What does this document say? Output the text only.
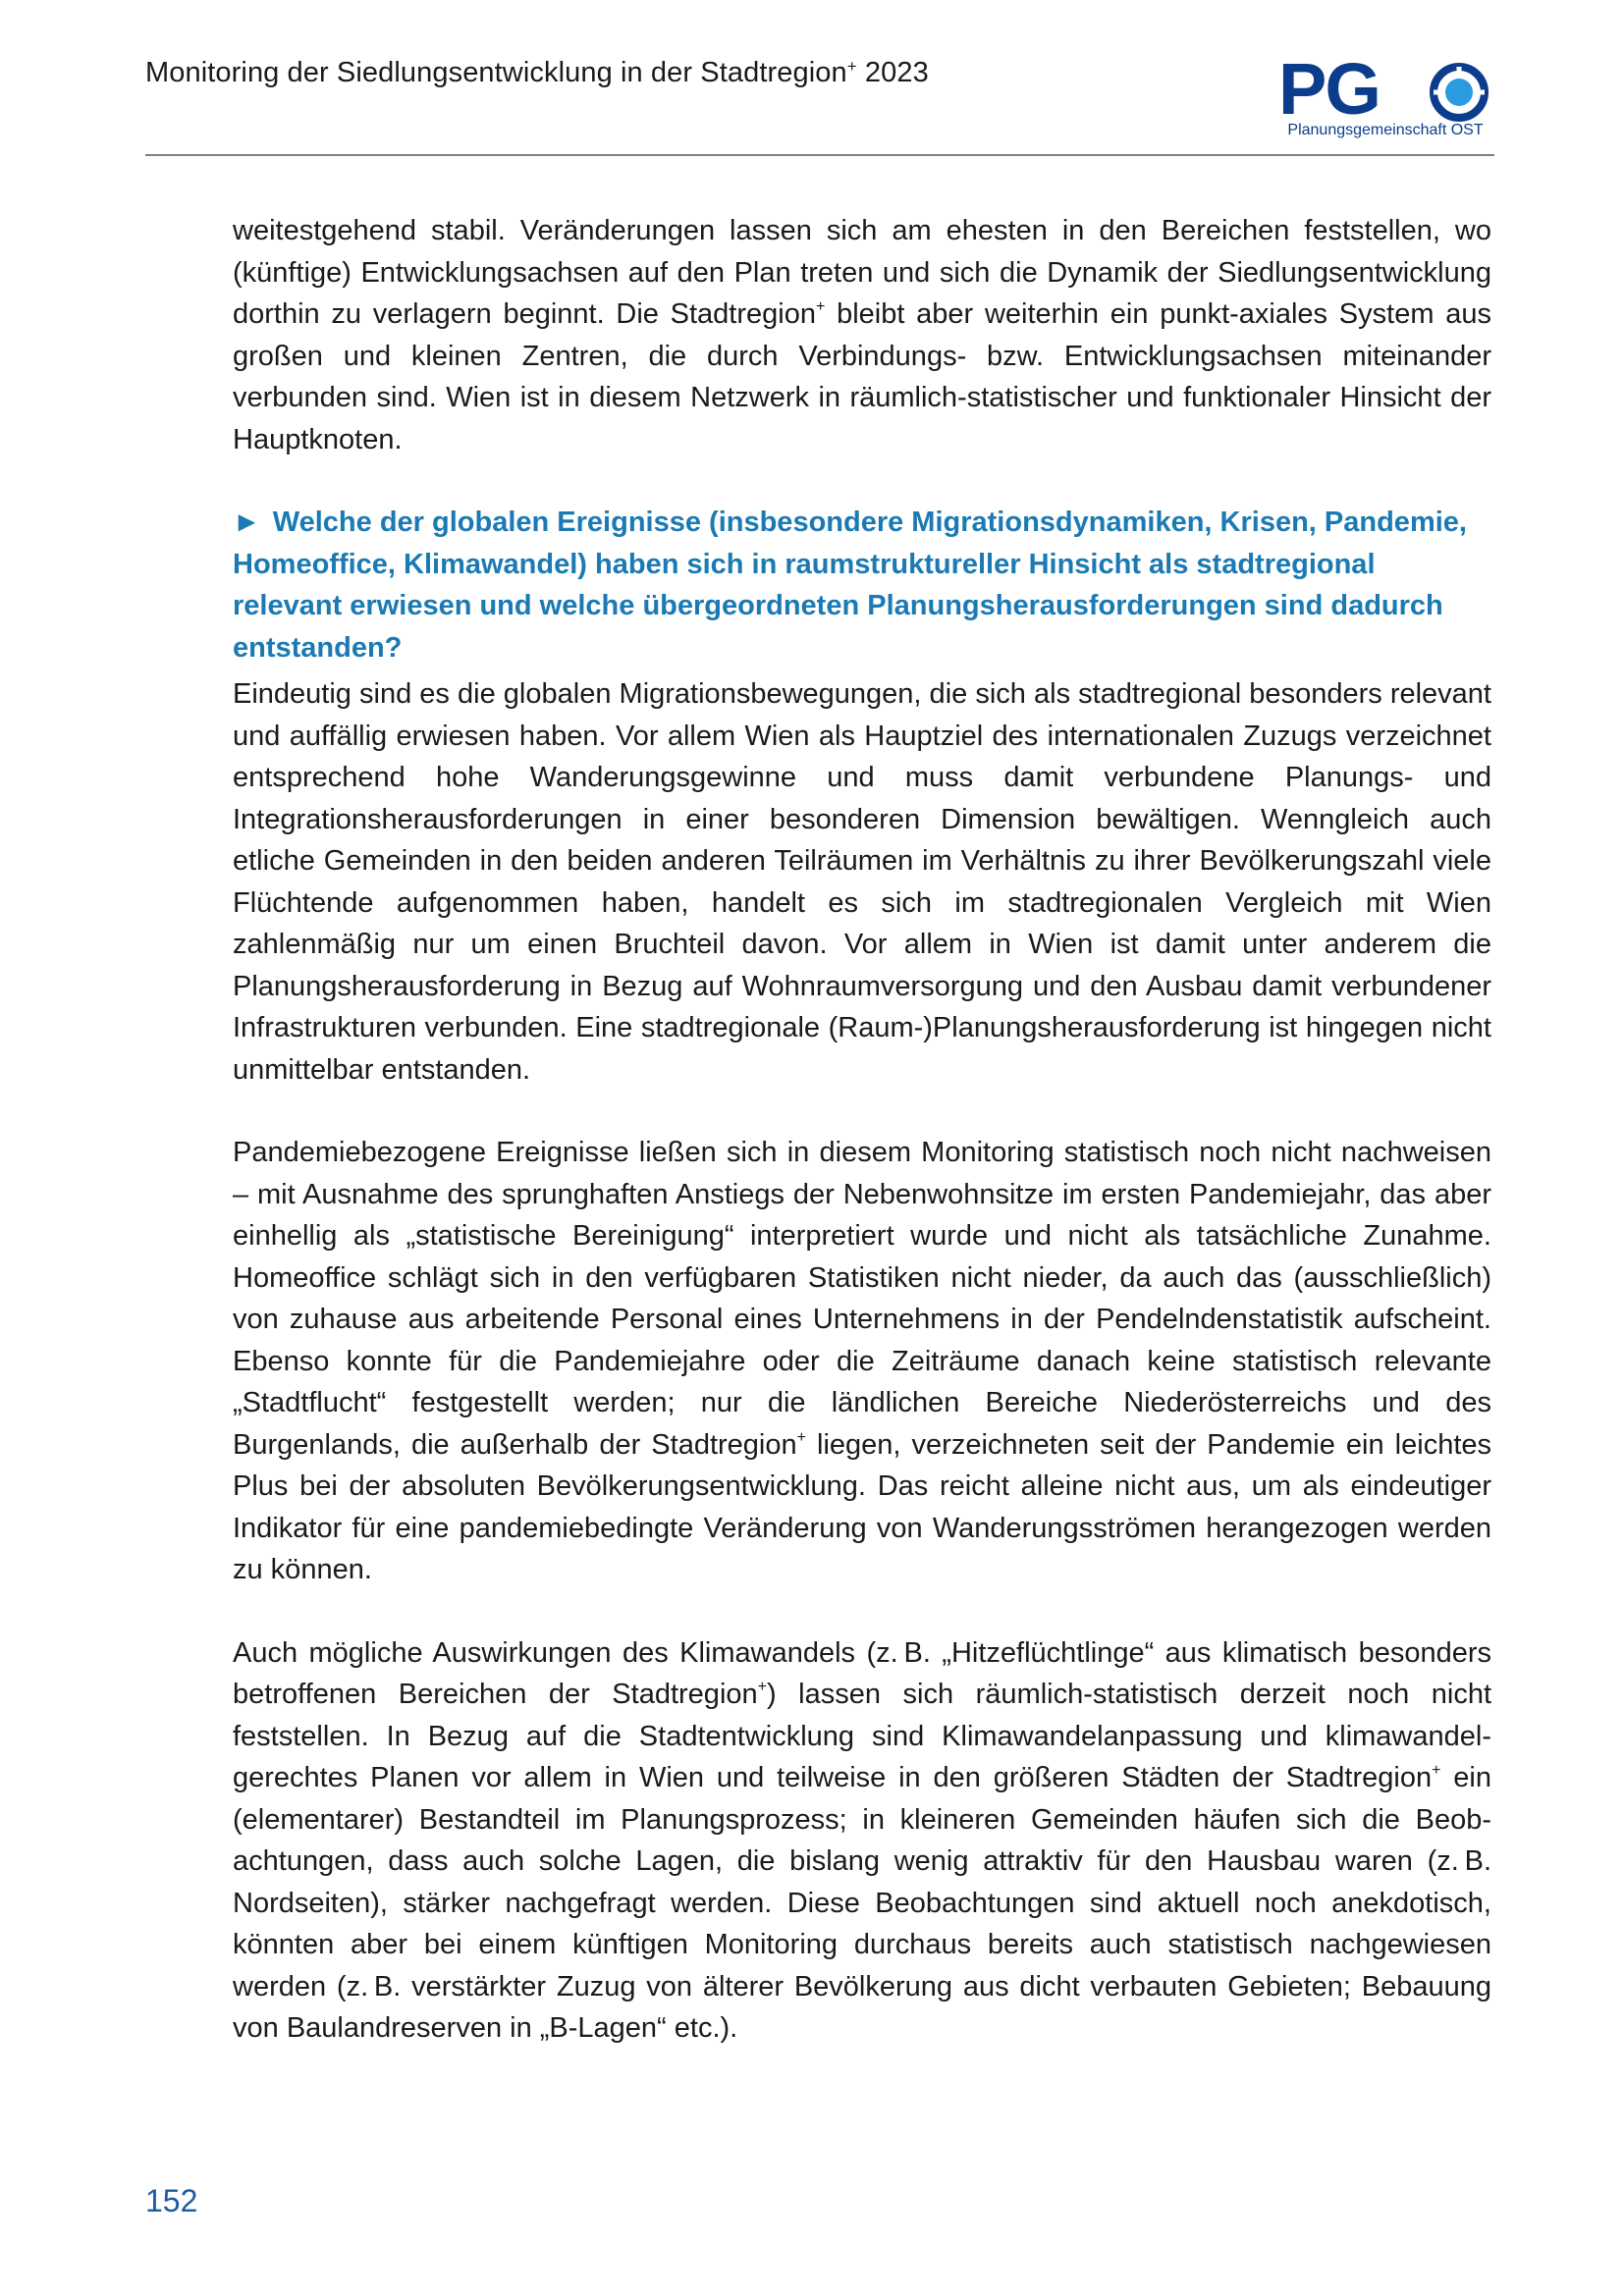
Monitoring der Siedlungsentwicklung in der Stadtregion+ 2023	PG
Planungsgemeinschaft OST

weitestgehend stabil. Veränderungen lassen sich am ehesten in den Bereichen feststellen, wo (künftige) Entwicklungsachsen auf den Plan treten und sich die Dynamik der Siedlungsentwicklung dorthin zu verlagern beginnt. Die Stadtregion+ bleibt aber weiterhin ein punkt-axiales System aus großen und kleinen Zentren, die durch Verbindungs- bzw. Entwicklungsachsen miteinander verbunden sind. Wien ist in diesem Netzwerk in räumlich-statistischer und funktionaler Hinsicht der Hauptknoten.

► Welche der globalen Ereignisse (insbesondere Migrationsdynamiken, Krisen, Pandemie, Homeoffice, Klimawandel) haben sich in raumstruktureller Hinsicht als stadtregional relevant erwiesen und welche übergeordneten Planungsherausforderungen sind dadurch entstanden?

Eindeutig sind es die globalen Migrationsbewegungen, die sich als stadtregional besonders relevant und auffällig erwiesen haben. Vor allem Wien als Hauptziel des internationalen Zuzugs verzeichnet entsprechend hohe Wanderungsgewinne und muss damit verbundene Planungs- und Integrationsherausforderungen in einer besonderen Dimension bewältigen. Wenngleich auch etliche Gemeinden in den beiden anderen Teilräumen im Verhältnis zu ihrer Bevölkerungszahl viele Flüchtende aufgenommen haben, handelt es sich im stadtregionalen Vergleich mit Wien zahlenmäßig nur um einen Bruchteil davon. Vor allem in Wien ist damit unter anderem die Planungsherausforderung in Bezug auf Wohnraumversorgung und den Ausbau damit verbundener Infrastrukturen verbunden. Eine stadtregionale (Raum-)Planungsherausforderung ist hingegen nicht unmittelbar entstanden.

Pandemiebezogene Ereignisse ließen sich in diesem Monitoring statistisch noch nicht nachweisen – mit Ausnahme des sprunghaften Anstiegs der Nebenwohnsitze im ersten Pandemiejahr, das aber einhellig als „statistische Bereinigung“ interpretiert wurde und nicht als tatsächliche Zunahme. Homeoffice schlägt sich in den verfügbaren Statistiken nicht nieder, da auch das (ausschließlich) von zuhause aus arbeitende Personal eines Unternehmens in der Pendelndenstatistik aufscheint. Ebenso konnte für die Pandemiejahre oder die Zeiträume danach keine statistisch relevante „Stadtflucht“ festgestellt werden; nur die ländlichen Bereiche Niederösterreichs und des Burgenlands, die außerhalb der Stadtregion+ liegen, verzeichneten seit der Pandemie ein leichtes Plus bei der absoluten Bevölkerungsentwicklung. Das reicht alleine nicht aus, um als eindeutiger Indikator für eine pandemiebedingte Veränderung von Wanderungsströmen herangezogen werden zu können.

Auch mögliche Auswirkungen des Klimawandels (z. B. „Hitzeflüchtlinge“ aus klimatisch besonders betroffenen Bereichen der Stadtregion+) lassen sich räumlich-statistisch derzeit noch nicht feststellen. In Bezug auf die Stadtentwicklung sind Klimawandelanpassung und klimawandelgerechtes Planen vor allem in Wien und teilweise in den größeren Städten der Stadtregion+ ein (elementarer) Bestandteil im Planungsprozess; in kleineren Gemeinden häufen sich die Beobachtungen, dass auch solche Lagen, die bislang wenig attraktiv für den Hausbau waren (z. B. Nordseiten), stärker nachgefragt werden. Diese Beobachtungen sind aktuell noch anekdotisch, könnten aber bei einem künftigen Monitoring durchaus bereits auch statistisch nachgewiesen werden (z. B. verstärkter Zuzug von älterer Bevölkerung aus dicht verbauten Gebieten; Bebauung von Baulandreserven in „B-Lagen“ etc.).

152
